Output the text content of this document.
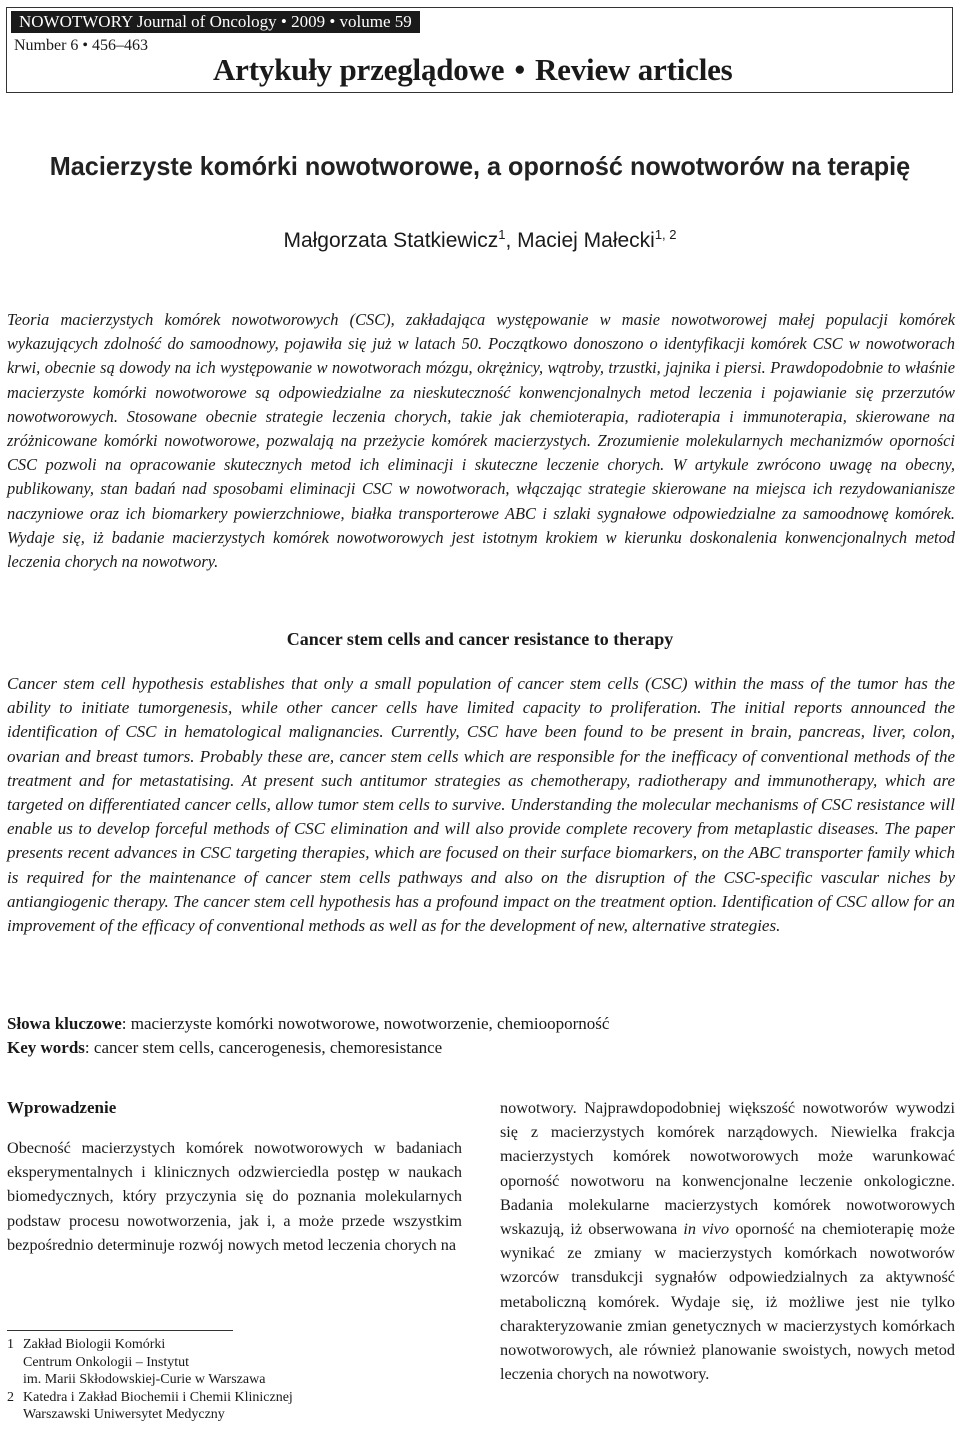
NOWOTWORY Journal of Oncology • 2009 • volume 59
Number 6 • 456–463
Artykuły przeglądowe • Review articles
Macierzyste komórki nowotworowe, a oporność nowotworów na terapię
Małgorzata Statkiewicz$^1$, Maciej Małecki$^{1, 2}$
Teoria macierzystych komórek nowotworowych (CSC), zakładająca występowanie w masie nowotworowej małej populacji komórek wykazujących zdolność do samoodnowy, pojawiła się już w latach 50. Początkowo donoszono o identyfikacji komórek CSC w nowotworach krwi, obecnie są dowody na ich występowanie w nowotworach mózgu, okrężnicy, wątroby, trzustki, jajnika i piersi. Prawdopodobnie to właśnie macierzyste komórki nowotworowe są odpowiedzialne za nieskuteczność konwencjonalnych metod leczenia i pojawianie się przerzutów nowotworowych. Stosowane obecnie strategie leczenia chorych, takie jak chemioterapia, radioterapia i immunoterapia, skierowane na zróżnicowane komórki nowotworowe, pozwalają na przeżycie komórek macierzystych. Zrozumienie molekularnych mechanizmów oporności CSC pozwoli na opracowanie skutecznych metod ich eliminacji i skuteczne leczenie chorych. W artykule zwrócono uwagę na obecny, publikowany, stan badań nad sposobami eliminacji CSC w nowotworach, włączając strategie skierowane na miejsca ich rezydowanianisze naczyniowe oraz ich biomarkery powierzchniowe, białka transporterowe ABC i szlaki sygnałowe odpowiedzialne za samoodnowę komórek. Wydaje się, iż badanie macierzystych komórek nowotworowych jest istotnym krokiem w kierunku doskonalenia konwencjonalnych metod leczenia chorych na nowotwory.
Cancer stem cells and cancer resistance to therapy
Cancer stem cell hypothesis establishes that only a small population of cancer stem cells (CSC) within the mass of the tumor has the ability to initiate tumorgenesis, while other cancer cells have limited capacity to proliferation. The initial reports announced the identification of CSC in hematological malignancies. Currently, CSC have been found to be present in brain, pancreas, liver, colon, ovarian and breast tumors. Probably these are, cancer stem cells which are responsible for the inefficacy of conventional methods of the treatment and for metastatising. At present such antitumor strategies as chemotherapy, radiotherapy and immunotherapy, which are targeted on differentiated cancer cells, allow tumor stem cells to survive. Understanding the molecular mechanisms of CSC resistance will enable us to develop forceful methods of CSC elimination and will also provide complete recovery from metaplastic diseases. The paper presents recent advances in CSC targeting therapies, which are focused on their surface biomarkers, on the ABC transporter family which is required for the maintenance of cancer stem cells pathways and also on the disruption of the CSC-specific vascular niches by antiangiogenic therapy. The cancer stem cell hypothesis has a profound impact on the treatment option. Identification of CSC allow for an improvement of the efficacy of conventional methods as well as for the development of new, alternative strategies.
Słowa kluczowe: macierzyste komórki nowotworowe, nowotworzenie, chemiooporność
Key words: cancer stem cells, cancerogenesis, chemoresistance
Wprowadzenie

Obecność macierzystych komórek nowotworowych w badaniach eksperymentalnych i klinicznych odzwierciedla postęp w naukach biomedycznych, który przyczynia się do poznania molekularnych podstaw procesu nowotworzenia, jak i, a może przede wszystkim bezpośrednio determinuje rozwój nowych metod leczenia chorych na

nowotwory. Najprawdopodobniej większość nowotworów wywodzi się z macierzystych komórek narządowych. Niewielka frakcja macierzystych komórek nowotworowych może warunkować oporność nowotworu na konwencjonalne leczenie onkologiczne. Badania molekularne macierzystych komórek nowotworowych wskazują, iż obserwowana in vivo oporność na chemioterapię może wynikać ze zmiany w macierzystych komórkach nowotworów wzorców transdukcji sygnałów odpowiedzialnych za aktywność metaboliczną komórek. Wydaje się, iż możliwe jest nie tylko charakteryzowanie zmian genetycznych w macierzystych komórkach nowotworowych, ale również planowanie swoistych, nowych metod leczenia chorych na nowotwory.

1 Zakład Biologii Komórki
Centrum Onkologii – Instytut
im. Marii Skłodowskiej-Curie w Warszawa
2 Katedra i Zakład Biochemii i Chemii Klinicznej
Warszawski Uniwersytet Medyczny
